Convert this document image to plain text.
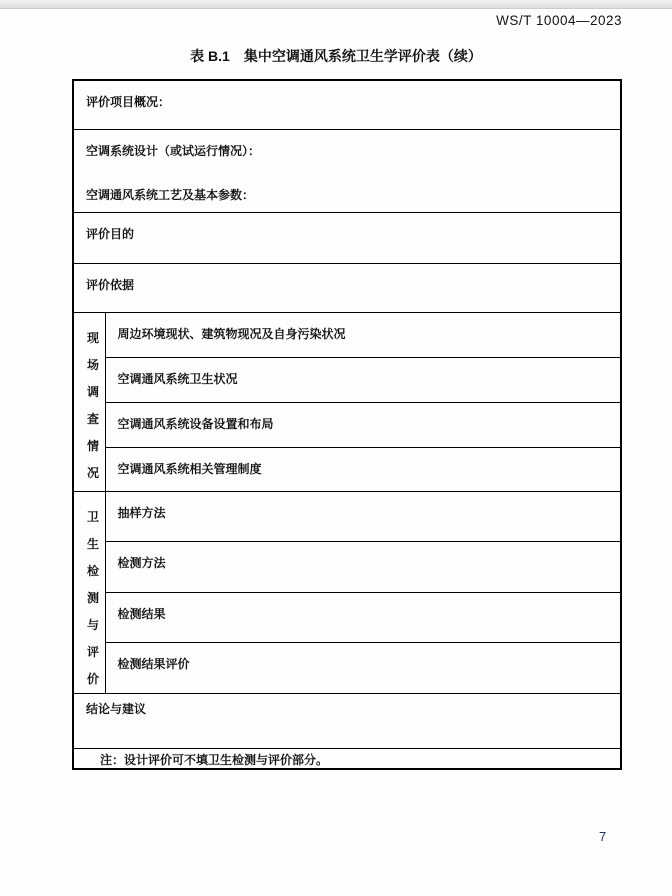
WS/T 10004—2023
表 B.1　集中空调通风系统卫生学评价表（续）
评价项目概况：	

空调系统设计（或试运行情况）：
空调通风系统工艺及基本参数：	

评价目的	
评价依据	

现场调查情况	周边环境现状、建筑物现况及自身污染状况
	空调通风系统卫生状况
	空调通风系统设备设置和布局
	空调通风系统相关管理制度

卫生检测与评价	抽样方法
	检测方法
	检测结果
	检测结果评价
结论与建议	
注：设计评价可不填卫生检测与评价部分。	
7
